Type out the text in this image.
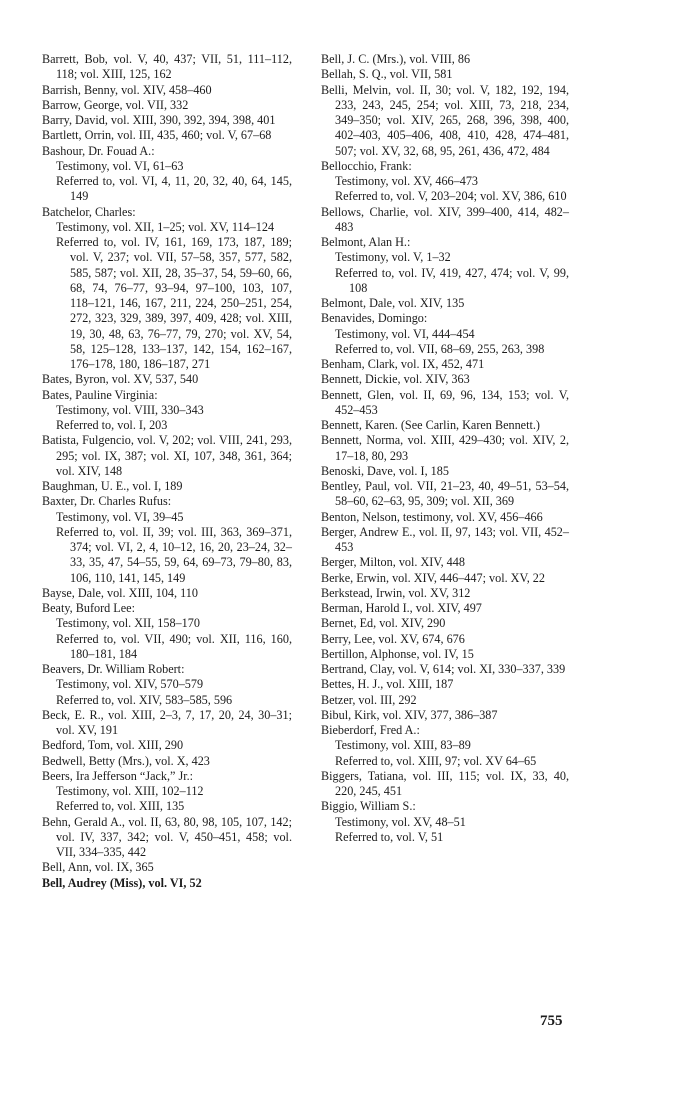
Barrett, Bob, vol. V, 40, 437; VII, 51, 111–112, 118; vol. XIII, 125, 162

Barrish, Benny, vol. XIV, 458–460

Barrow, George, vol. VII, 332

Barry, David, vol. XIII, 390, 392, 394, 398, 401

Bartlett, Orrin, vol. III, 435, 460; vol. V, 67–68

Bashour, Dr. Fouad A.:

Testimony, vol. VI, 61–63

Referred to, vol. VI, 4, 11, 20, 32, 40, 64, 145, 149

Batchelor, Charles:

Testimony, vol. XII, 1–25; vol. XV, 114–124

Referred to, vol. IV, 161, 169, 173, 187, 189; vol. V, 237; vol. VII, 57–58, 357, 577, 582, 585, 587; vol. XII, 28, 35–37, 54, 59–60, 66, 68, 74, 76–77, 93–94, 97–100, 103, 107, 118–121, 146, 167, 211, 224, 250–251, 254, 272, 323, 329, 389, 397, 409, 428; vol. XIII, 19, 30, 48, 63, 76–77, 79, 270; vol. XV, 54, 58, 125–128, 133–137, 142, 154, 162–167, 176–178, 180, 186–187, 271

Bates, Byron, vol. XV, 537, 540

Bates, Pauline Virginia:

Testimony, vol. VIII, 330–343

Referred to, vol. I, 203

Batista, Fulgencio, vol. V, 202; vol. VIII, 241, 293, 295; vol. IX, 387; vol. XI, 107, 348, 361, 364; vol. XIV, 148

Baughman, U. E., vol. I, 189

Baxter, Dr. Charles Rufus:

Testimony, vol. VI, 39–45

Referred to, vol. II, 39; vol. III, 363, 369–371, 374; vol. VI, 2, 4, 10–12, 16, 20, 23–24, 32–33, 35, 47, 54–55, 59, 64, 69–73, 79–80, 83, 106, 110, 141, 145, 149

Bayse, Dale, vol. XIII, 104, 110

Beaty, Buford Lee:

Testimony, vol. XII, 158–170

Referred to, vol. VII, 490; vol. XII, 116, 160, 180–181, 184

Beavers, Dr. William Robert:

Testimony, vol. XIV, 570–579

Referred to, vol. XIV, 583–585, 596

Beck, E. R., vol. XIII, 2–3, 7, 17, 20, 24, 30–31; vol. XV, 191

Bedford, Tom, vol. XIII, 290

Bedwell, Betty (Mrs.), vol. X, 423

Beers, Ira Jefferson “Jack,” Jr.:

Testimony, vol. XIII, 102–112

Referred to, vol. XIII, 135

Behn, Gerald A., vol. II, 63, 80, 98, 105, 107, 142; vol. IV, 337, 342; vol. V, 450–451, 458; vol. VII, 334–335, 442

Bell, Ann, vol. IX, 365

Bell, Audrey (Miss), vol. VI, 52

Bell, J. C. (Mrs.), vol. VIII, 86

Bellah, S. Q., vol. VII, 581

Belli, Melvin, vol. II, 30; vol. V, 182, 192, 194, 233, 243, 245, 254; vol. XIII, 73, 218, 234, 349–350; vol. XIV, 265, 268, 396, 398, 400, 402–403, 405–406, 408, 410, 428, 474–481, 507; vol. XV, 32, 68, 95, 261, 436, 472, 484

Bellocchio, Frank:

Testimony, vol. XV, 466–473

Referred to, vol. V, 203–204; vol. XV, 386, 610

Bellows, Charlie, vol. XIV, 399–400, 414, 482–483

Belmont, Alan H.:

Testimony, vol. V, 1–32

Referred to, vol. IV, 419, 427, 474; vol. V, 99, 108

Belmont, Dale, vol. XIV, 135

Benavides, Domingo:

Testimony, vol. VI, 444–454

Referred to, vol. VII, 68–69, 255, 263, 398

Benham, Clark, vol. IX, 452, 471

Bennett, Dickie, vol. XIV, 363

Bennett, Glen, vol. II, 69, 96, 134, 153; vol. V, 452–453

Bennett, Karen. (See Carlin, Karen Bennett.)

Bennett, Norma, vol. XIII, 429–430; vol. XIV, 2, 17–18, 80, 293

Benoski, Dave, vol. I, 185

Bentley, Paul, vol. VII, 21–23, 40, 49–51, 53–54, 58–60, 62–63, 95, 309; vol. XII, 369

Benton, Nelson, testimony, vol. XV, 456–466

Berger, Andrew E., vol. II, 97, 143; vol. VII, 452–453

Berger, Milton, vol. XIV, 448

Berke, Erwin, vol. XIV, 446–447; vol. XV, 22

Berkstead, Irwin, vol. XV, 312

Berman, Harold I., vol. XIV, 497

Bernet, Ed, vol. XIV, 290

Berry, Lee, vol. XV, 674, 676

Bertillon, Alphonse, vol. IV, 15

Bertrand, Clay, vol. V, 614; vol. XI, 330–337, 339

Bettes, H. J., vol. XIII, 187

Betzer, vol. III, 292

Bibul, Kirk, vol. XIV, 377, 386–387

Bieberdorf, Fred A.:

Testimony, vol. XIII, 83–89

Referred to, vol. XIII, 97; vol. XV 64–65

Biggers, Tatiana, vol. III, 115; vol. IX, 33, 40, 220, 245, 451

Biggio, William S.:

Testimony, vol. XV, 48–51

Referred to, vol. V, 51

755
